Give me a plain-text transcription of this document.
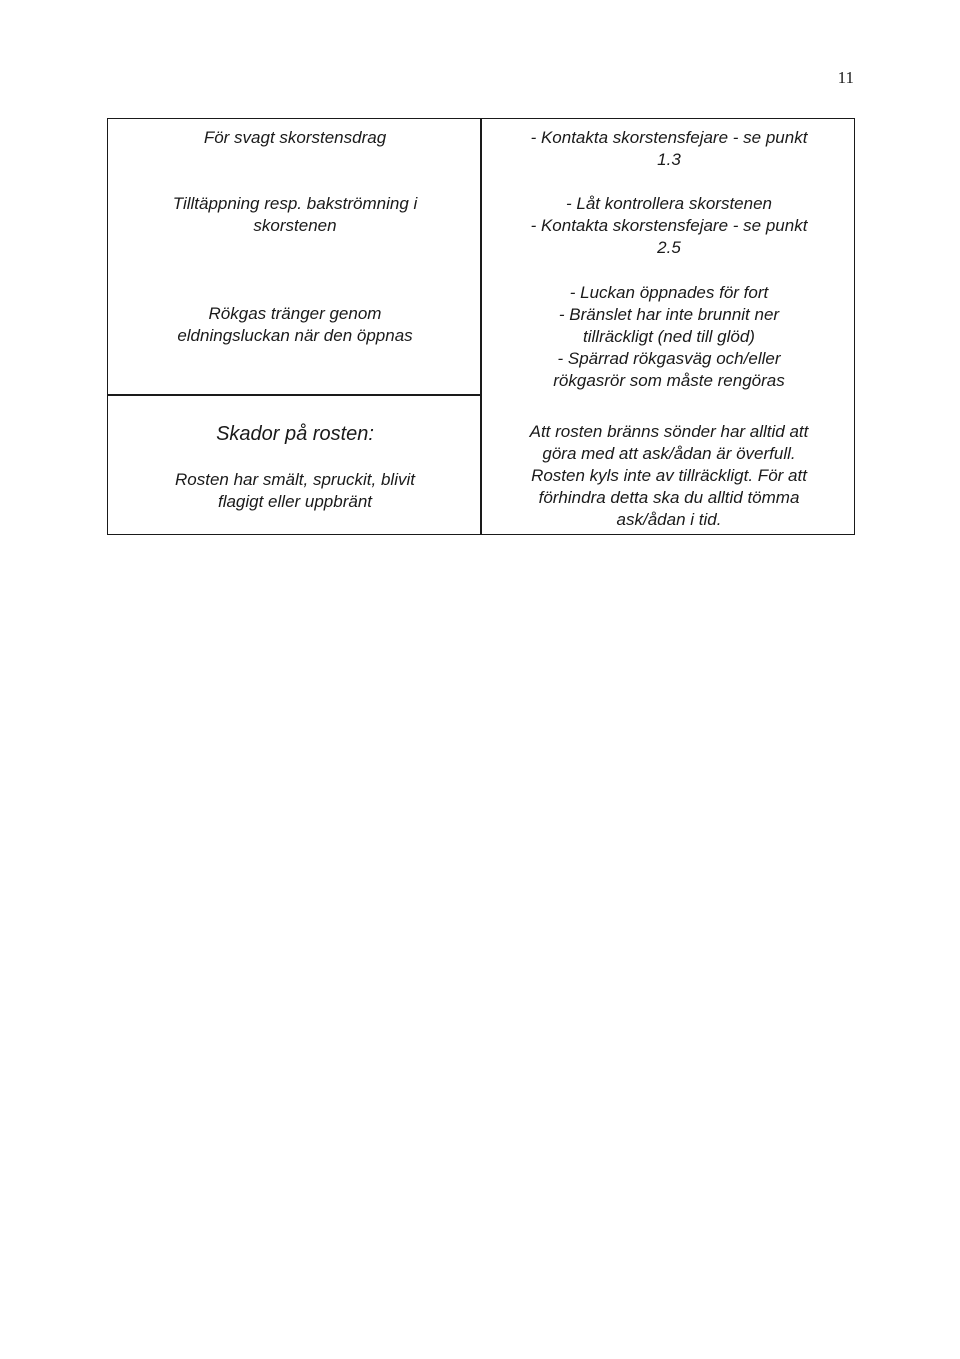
11
För svagt skorstensdrag
Tilltäppning resp. bakströmning i
skorstenen
Rökgas tränger genom
eldningsluckan när den öppnas
Skador på rosten:
Rosten har smält, spruckit, blivit
flagigt eller uppbränt
- Kontakta skorstensfejare - se punkt
1.3
- Låt kontrollera skorstenen
- Kontakta skorstensfejare - se punkt
2.5
- Luckan öppnades för fort
- Bränslet har inte brunnit ner
tillräckligt (ned till glöd)
- Spärrad rökgasväg och/eller
rökgasrör som måste rengöras
Att rosten bränns sönder har alltid att
göra med att ask/ådan är överfull.
Rosten kyls inte av tillräckligt. För att
förhindra detta ska du alltid tömma
ask/ådan i tid.
